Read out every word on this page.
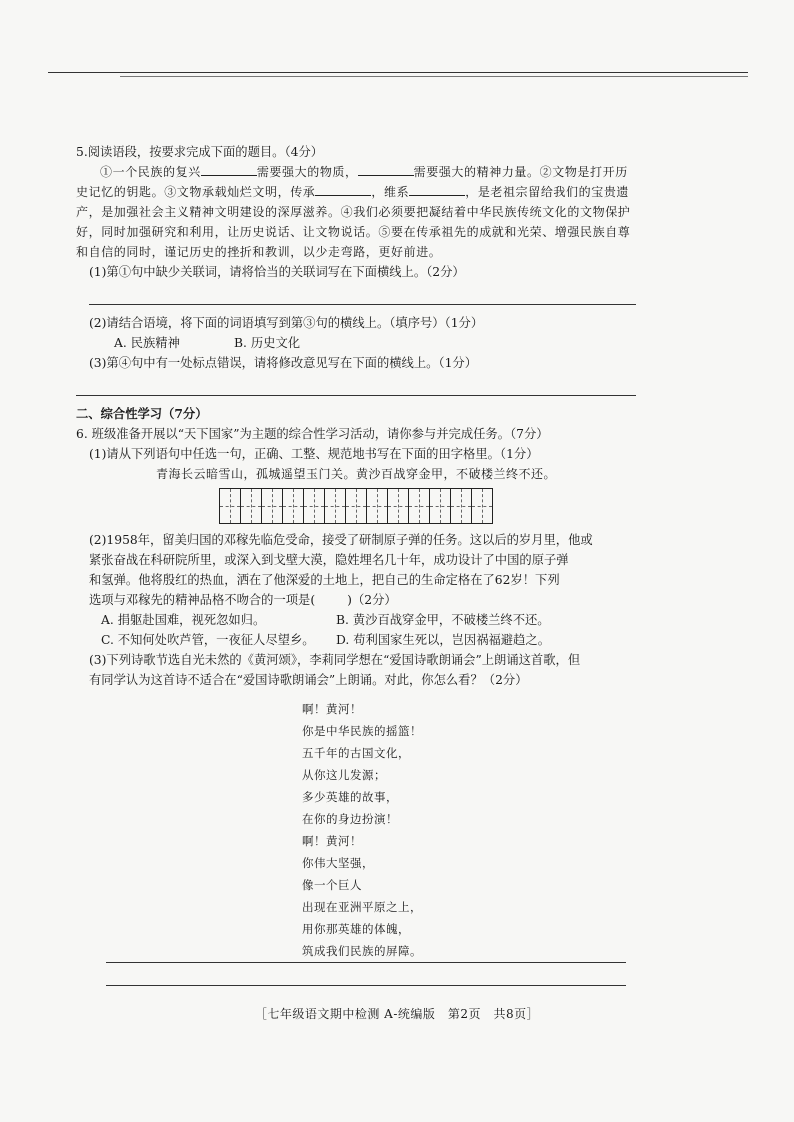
5.阅读语段，按要求完成下面的题目。（4分）

①一个民族的复兴	需要强大的物质，	需要强大的精神力量。②文物是打开历史记忆的钥匙。③文物承载灿烂文明，传承	，维系	，是老祖宗留给我们的宝贵遗产，是加强社会主义精神文明建设的深厚滋养。④我们必须要把凝结着中华民族传统文化的文物保护好，同时加强研究和利用，让历史说话、让文物说话。⑤要在传承祖先的成就和光荣、增强民族自尊和自信的同时，谨记历史的挫折和教训，以少走弯路，更好前进。

(1)第①句中缺少关联词，请将恰当的关联词写在下面横线上。（2分）

(2)请结合语境，将下面的词语填写到第③句的横线上。（填序号）（1分）

A. 民族精神	B. 历史文化

(3)第④句中有一处标点错误，请将修改意见写在下面的横线上。（1分）

二、综合性学习（7分）

6. 班级准备开展以“天下国家”为主题的综合性学习活动，请你参与并完成任务。（7分）

(1)请从下列语句中任选一句，正确、工整、规范地书写在下面的田字格里。（1分）

青海长云暗雪山，孤城遥望玉门关。黄沙百战穿金甲，不破楼兰终不还。

(2)1958年，留美归国的邓稼先临危受命，接受了研制原子弹的任务。这以后的岁月里，他或

紧张奋战在科研院所里，或深入到戈壁大漠，隐姓埋名几十年，成功设计了中国的原子弹

和氢弹。他将殷红的热血，洒在了他深爱的土地上，把自己的生命定格在了62岁！下列

选项与邓稼先的精神品格不吻合的一项是(	)（2分）

A. 捐躯赴国难，视死忽如归。	B. 黄沙百战穿金甲，不破楼兰终不还。
C. 不知何处吹芦管，一夜征人尽望乡。	D. 苟利国家生死以，岂因祸福避趋之。

(3)下列诗歌节选自光未然的《黄河颂》，李莉同学想在“爱国诗歌朗诵会”上朗诵这首歌，但

有同学认为这首诗不适合在“爱国诗歌朗诵会”上朗诵。对此，你怎么看？（2分）

啊！黄河！
你是中华民族的摇篮！
五千年的古国文化，
从你这儿发源；
多少英雄的故事，
在你的身边扮演！
啊！黄河！
你伟大坚强，
像一个巨人
出现在亚洲平原之上，
用你那英雄的体魄，
筑成我们民族的屏障。
［七年级语文期中检测 A-统编版　第2页　共8页］
